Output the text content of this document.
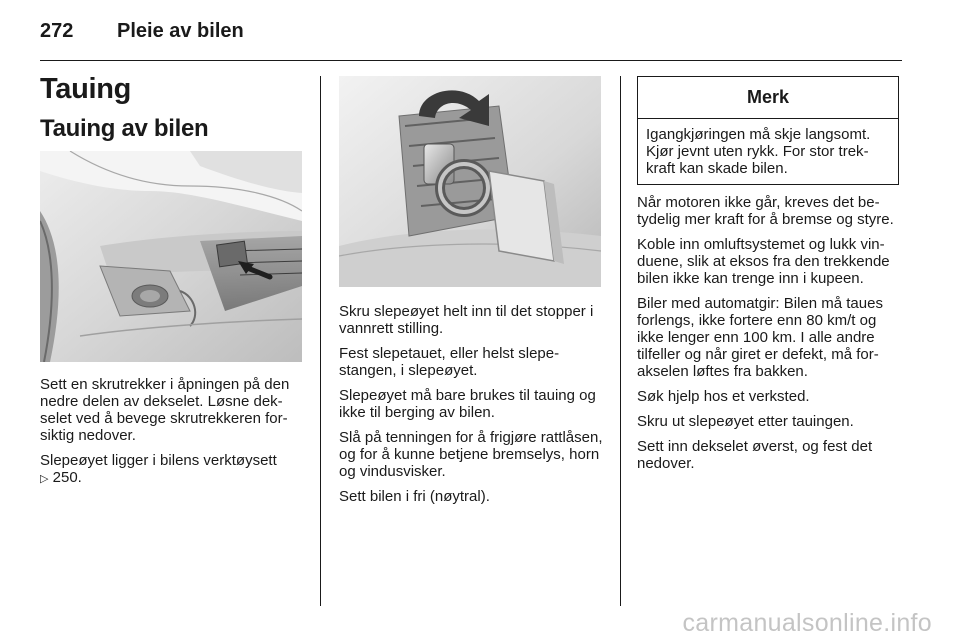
272 Pleie av bilen
Tauing
Tauing av bilen

Sett en skrutrekker i åpningen på den nedre delen av dekselet. Løsne dekselet ved å bevege skrutrekkeren forsiktig nedover.

Slepeøyet ligger i bilens verktøysett
▷ 250.

Skru slepeøyet helt inn til det stopper i vannrett stilling.

Fest slepetauet, eller helst slepestangen, i slepeøyet.

Slepeøyet må bare brukes til tauing og ikke til berging av bilen.

Slå på tenningen for å frigjøre rattlåsen, og for å kunne betjene bremselys, horn og vindusvisker.

Sett bilen i fri (nøytral).

Merk
Igangkjøringen må skje langsomt. Kjør jevnt uten rykk. For stor trekkraft kan skade bilen.

Når motoren ikke går, kreves det betydelig mer kraft for å bremse og styre.

Koble inn omluftsystemet og lukk vinduene, slik at eksos fra den trekkende bilen ikke kan trenge inn i kupeen.

Biler med automatgir: Bilen må taues forlengs, ikke fortere enn 80 km/t og ikke lenger enn 100 km. I alle andre tilfeller og når giret er defekt, må forakselen løftes fra bakken.

Søk hjelp hos et verksted.

Skru ut slepeøyet etter tauingen.

Sett inn dekselet øverst, og fest det nedover.

carmanualsonline.info
